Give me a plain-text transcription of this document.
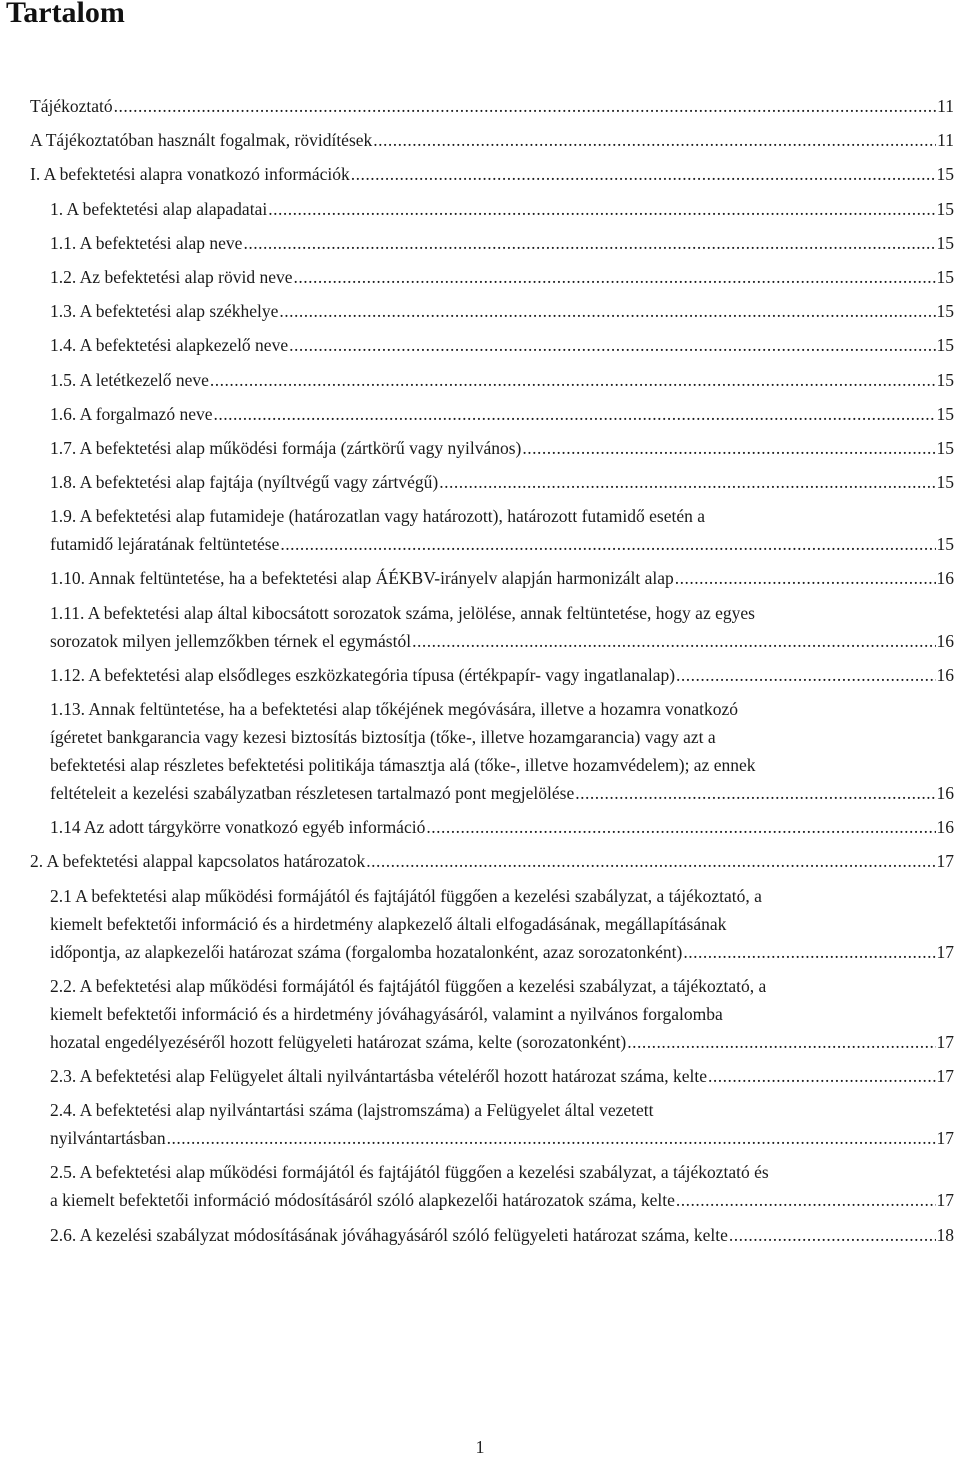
Tartalom
Tájékoztató .....	11
A Tájékoztatóban használt fogalmak, rövidítések .....	11
I. A befektetési alapra vonatkozó információk .....	15
1. A befektetési alap alapadatai .....	15
1.1. A befektetési alap neve .....	15
1.2. Az befektetési alap rövid neve .....	15
1.3. A befektetési alap székhelye .....	15
1.4. A befektetési alapkezelő neve .....	15
1.5. A letétkezelő neve .....	15
1.6. A forgalmazó neve .....	15
1.7. A befektetési alap működési formája (zártkörű vagy nyilvános) .....	15
1.8. A befektetési alap fajtája (nyíltvégű vagy zártvégű) .....	15
1.9. A befektetési alap futamideje (határozatlan vagy határozott), határozott futamidő esetén a
futamidő lejáratának feltüntetése .....	15
1.10. Annak feltüntetése, ha a befektetési alap ÁÉKBV-irányelv alapján harmonizált alap .....	16
1.11. A befektetési alap által kibocsátott sorozatok száma, jelölése, annak feltüntetése, hogy az egyes
sorozatok milyen jellemzőkben térnek el egymástól .....	16
1.12. A befektetési alap elsődleges eszközkategória típusa (értékpapír- vagy ingatlanalap) .....	16
1.13. Annak feltüntetése, ha a befektetési alap tőkéjének megóvására, illetve a hozamra vonatkozó
ígéretet bankgarancia vagy kezesi biztosítás biztosítja (tőke-, illetve hozamgarancia) vagy azt a
befektetési alap részletes befektetési politikája támasztja alá (tőke-, illetve hozamvédelem); az ennek
feltételeit a kezelési szabályzatban részletesen tartalmazó pont megjelölése .....	16
1.14 Az adott tárgykörre vonatkozó egyéb információ .....	16
2. A befektetési alappal kapcsolatos határozatok .....	17
2.1 A befektetési alap működési formájától és fajtájától függően a kezelési szabályzat, a tájékoztató, a
kiemelt befektetői információ és a hirdetmény alapkezelő általi elfogadásának, megállapításának
időpontja, az alapkezelői határozat száma (forgalomba hozatalonként, azaz sorozatonként) .....	17
2.2. A befektetési alap működési formájától és fajtájától függően a kezelési szabályzat, a tájékoztató, a
kiemelt befektetői információ és a hirdetmény jóváhagyásáról, valamint a nyilvános forgalomba
hozatal engedélyezéséről hozott felügyeleti határozat száma, kelte (sorozatonként) .....	17
2.3. A befektetési alap Felügyelet általi nyilvántartásba vételéről hozott határozat száma, kelte .....	17
2.4. A befektetési alap nyilvántartási száma (lajstromszáma) a Felügyelet által vezetett
nyilvántartásban .....	17
2.5. A befektetési alap működési formájától és fajtájától függően a kezelési szabályzat, a tájékoztató és
a kiemelt befektetői információ módosításáról szóló alapkezelői határozatok száma, kelte .....	17
2.6. A kezelési szabályzat módosításának jóváhagyásáról szóló felügyeleti határozat száma, kelte .....	18
1
